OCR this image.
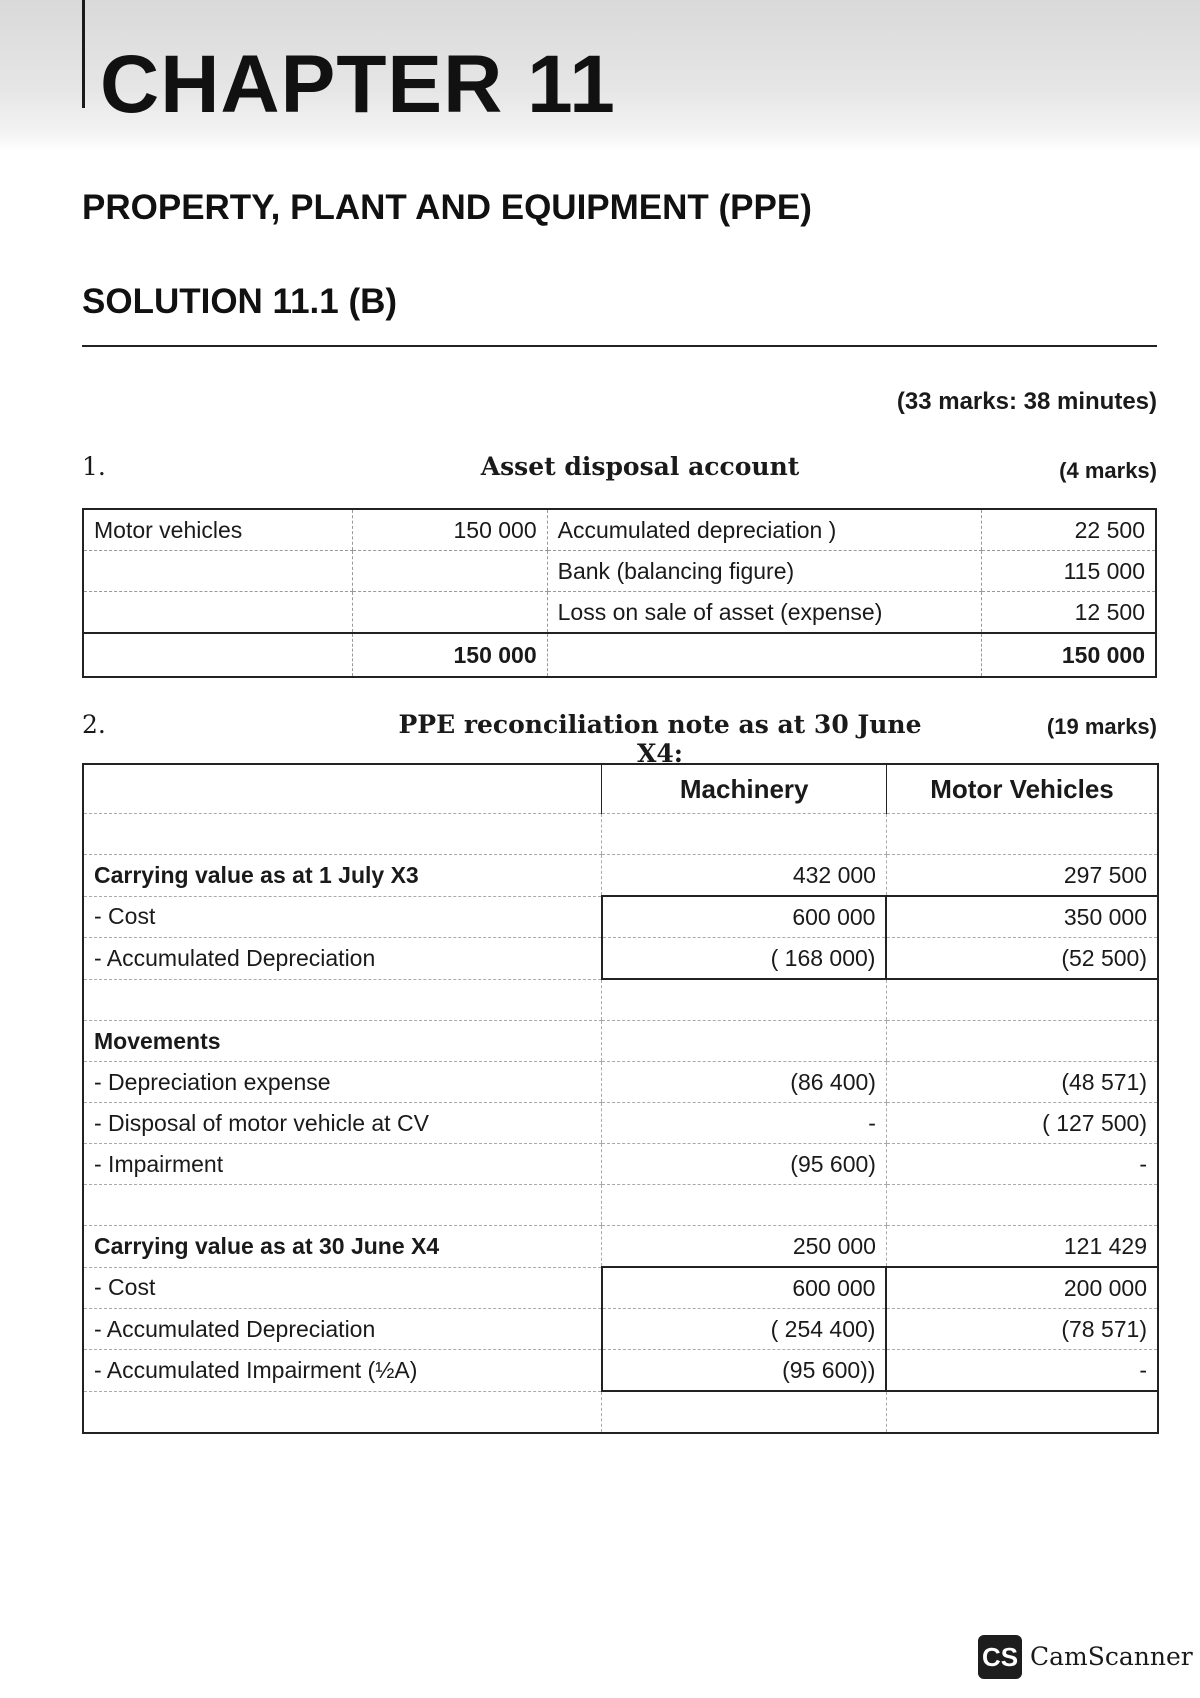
CHAPTER 11
PROPERTY, PLANT AND EQUIPMENT (PPE)
SOLUTION 11.1 (B)
(33 marks: 38 minutes)
1.	Asset disposal account	(4 marks)
Motor vehicles	150 000	Accumulated depreciation )	22 500
		Bank (balancing figure)	115 000
		Loss on sale of asset (expense)	12 500
	150 000		150 000
2.	PPE reconciliation note as at 30 June X4:
(19 marks)
	Machinery	Motor Vehicles

Carrying value as at 1 July X3	432 000	297 500
- Cost	600 000	350 000
- Accumulated Depreciation	( 168 000)	(52 500)

Movements		
- Depreciation expense	(86 400)	(48 571)
- Disposal of motor vehicle at CV	-	( 127 500)
- Impairment	(95 600)	-

Carrying value as at 30 June X4	250 000	121 429
- Cost	600 000	200 000
- Accumulated Depreciation	( 254 400)	(78 571)
- Accumulated Impairment (½A)	(95 600))	-

CS CamScanner
